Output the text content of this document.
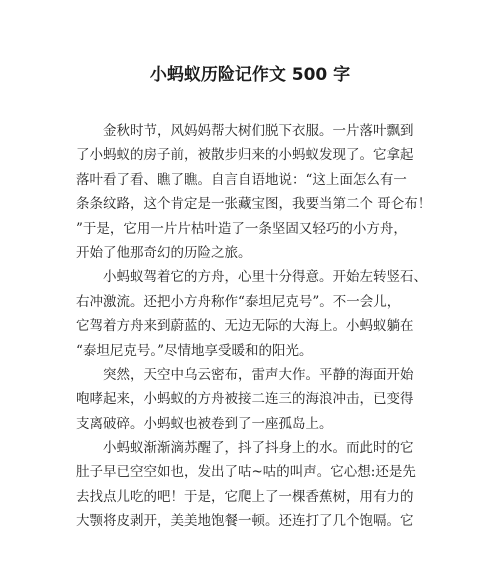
小蚂蚁历险记作文 500 字
金秋时节，风妈妈帮大树们脱下衣服。一片落叶飘到
了小蚂蚁的房子前，被散步归来的小蚂蚁发现了。它拿起
落叶看了看、瞧了瞧。自言自语地说：“这上面怎么有一
条条纹路，这个肯定是一张藏宝图，我要当第二个 哥仑布！
”于是，它用一片片枯叶造了一条坚固又轻巧的小方舟，
开始了他那奇幻的历险之旅。
小蚂蚁驾着它的方舟，心里十分得意。开始左转竖石、
右冲激流。还把小方舟称作“泰坦尼克号”。不一会儿，
它驾着方舟来到蔚蓝的、无边无际的大海上。小蚂蚁躺在
“泰坦尼克号。”尽情地享受暖和的阳光。
突然，天空中乌云密布，雷声大作。平静的海面开始
咆哮起来，小蚂蚁的方舟被接二连三的海浪冲击，已变得
支离破碎。小蚂蚁也被卷到了一座孤岛上。
小蚂蚁渐渐滴苏醒了，抖了抖身上的水。而此时的它
肚子早已空空如也，发出了咕~咕的叫声。它心想:还是先
去找点儿吃的吧！于是，它爬上了一棵香蕉树，用有力的
大颚将皮剥开，美美地饱餐一顿。还连打了几个饱嗝。它
